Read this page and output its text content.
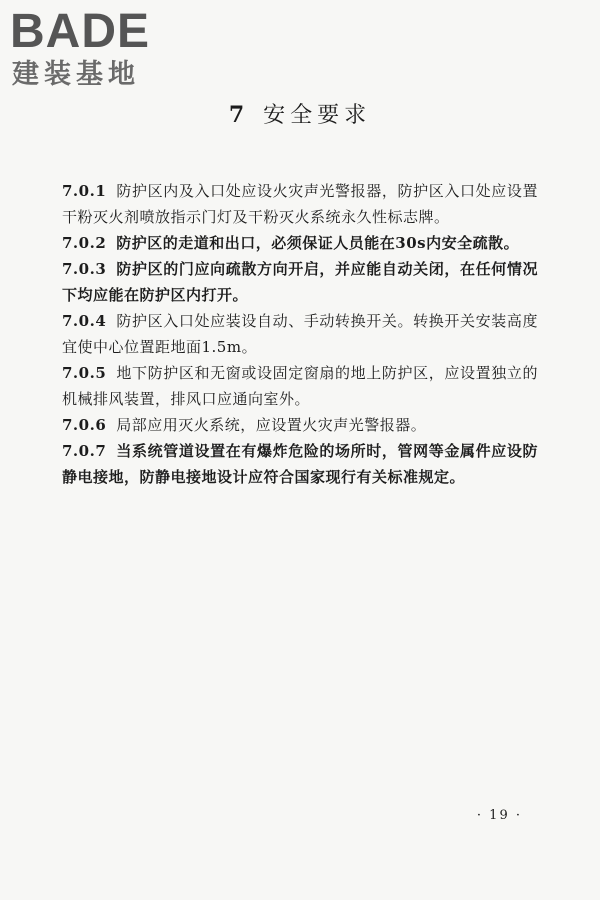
BADE
建装基地
7 安全要求
7.0.1 防护区内及入口处应设火灾声光警报器，防护区入口处应设置干粉灭火剂喷放指示门灯及干粉灭火系统永久性标志牌。
7.0.2 防护区的走道和出口，必须保证人员能在30s内安全疏散。
7.0.3 防护区的门应向疏散方向开启，并应能自动关闭，在任何情况下均应能在防护区内打开。
7.0.4 防护区入口处应装设自动、手动转换开关。转换开关安装高度宜使中心位置距地面1.5m。
7.0.5 地下防护区和无窗或设固定窗扇的地上防护区，应设置独立的机械排风装置，排风口应通向室外。
7.0.6 局部应用灭火系统，应设置火灾声光警报器。
7.0.7 当系统管道设置在有爆炸危险的场所时，管网等金属件应设防静电接地，防静电接地设计应符合国家现行有关标准规定。
· 19 ·
